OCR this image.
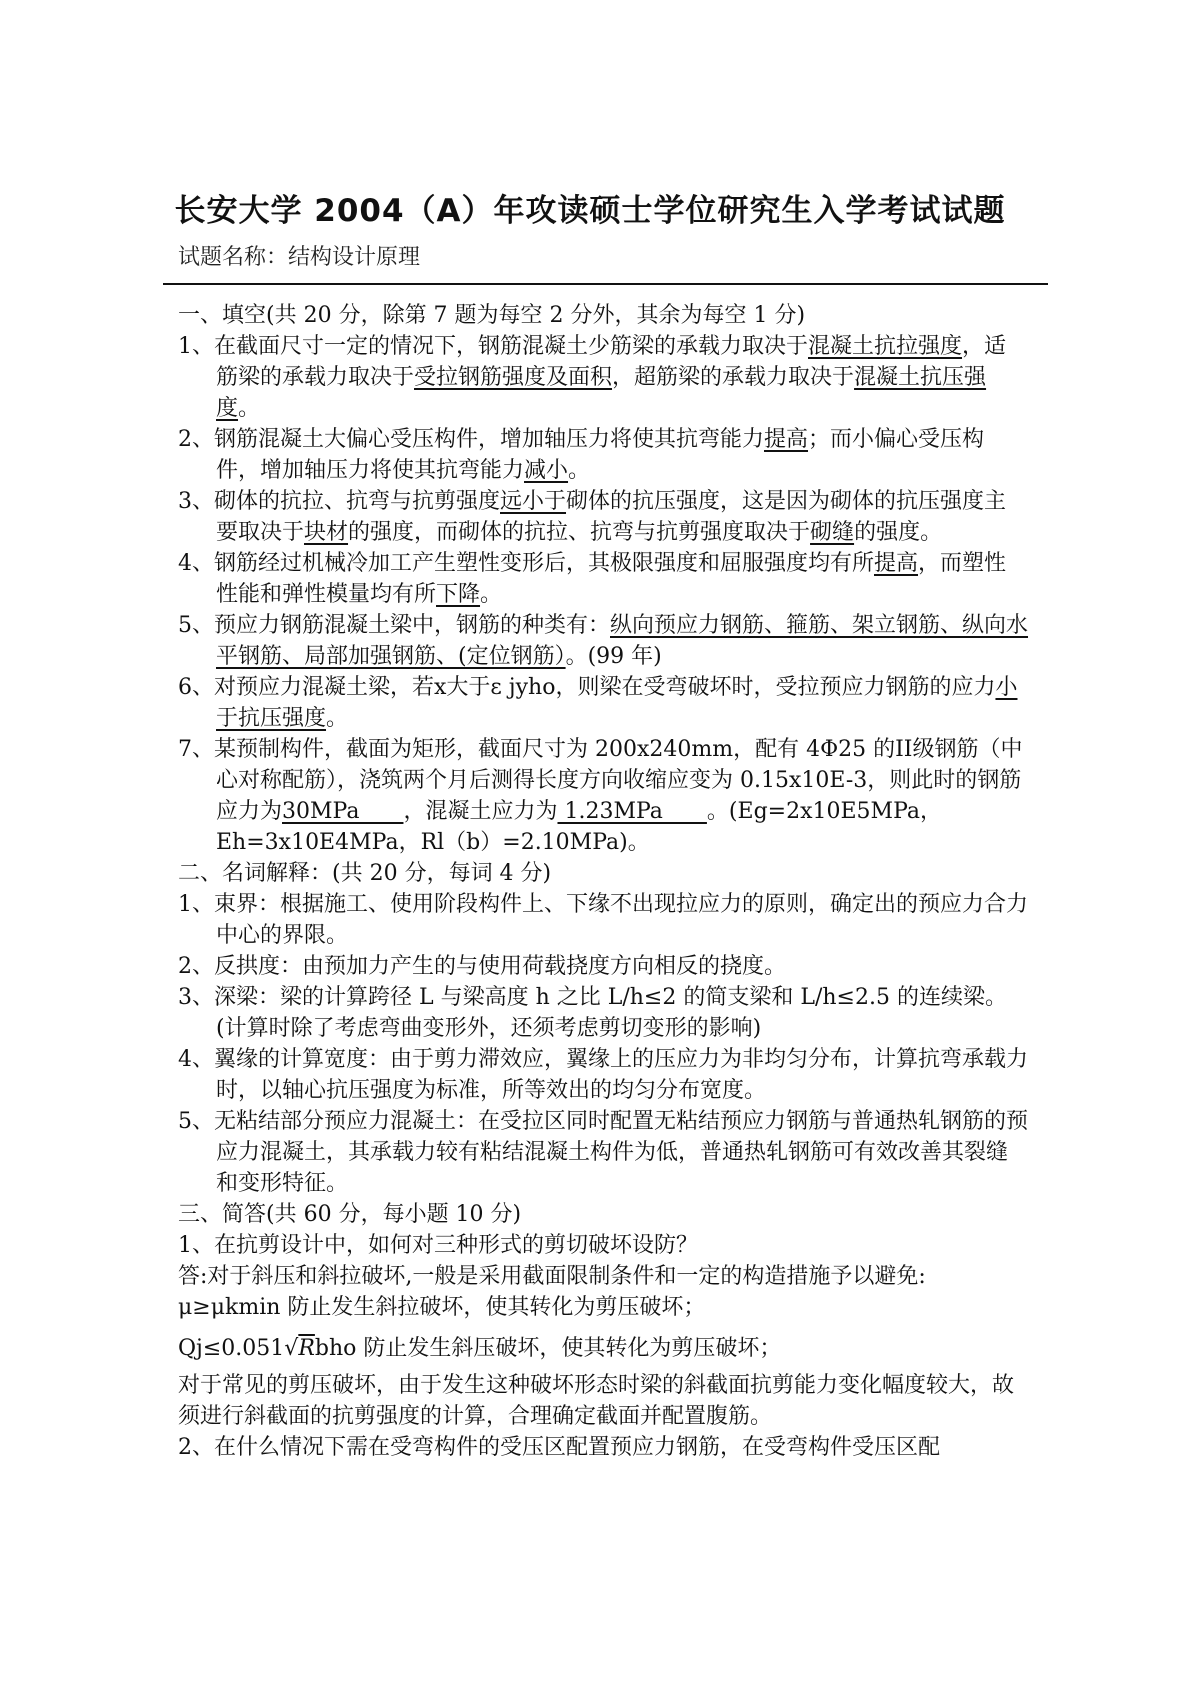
长安大学 2004（A）年攻读硕士学位研究生入学考试试题
试题名称：结构设计原理

一、填空(共 20 分，除第 7 题为每空 2 分外，其余为每空 1 分)

1、在截面尺寸一定的情况下，钢筋混凝土少筋梁的承载力取决于混凝土抗拉强度，适筋梁的承载力取决于受拉钢筋强度及面积，超筋梁的承载力取决于混凝土抗压强度。

2、钢筋混凝土大偏心受压构件，增加轴压力将使其抗弯能力提高；而小偏心受压构件，增加轴压力将使其抗弯能力减小。

3、砌体的抗拉、抗弯与抗剪强度远小于砌体的抗压强度，这是因为砌体的抗压强度主要取决于块材的强度，而砌体的抗拉、抗弯与抗剪强度取决于砌缝的强度。

4、钢筋经过机械冷加工产生塑性变形后，其极限强度和屈服强度均有所提高，而塑性性能和弹性模量均有所下降。

5、预应力钢筋混凝土梁中，钢筋的种类有：纵向预应力钢筋、箍筋、架立钢筋、纵向水平钢筋、局部加强钢筋、(定位钢筋）。(99 年)

6、对预应力混凝土梁，若x大于ε jyho，则梁在受弯破坏时，受拉预应力钢筋的应力小于抗压强度。

7、某预制构件，截面为矩形，截面尺寸为 200x240mm，配有 4Φ25 的II级钢筋（中心对称配筋），浇筑两个月后测得长度方向收缩应变为 0.15x10E-3，则此时的钢筋应力为30MPa　　，混凝土应力为 1.23MPa　　。(Eg=2x10E5MPa，Eh=3x10E4MPa，Rl（b）=2.10MPa)。

二、名词解释：(共 20 分，每词 4 分)

1、束界：根据施工、使用阶段构件上、下缘不出现拉应力的原则，确定出的预应力合力中心的界限。

2、反拱度：由预加力产生的与使用荷载挠度方向相反的挠度。

3、深梁：梁的计算跨径 L 与梁高度 h 之比 L/h≤2 的简支梁和 L/h≤2.5 的连续梁。(计算时除了考虑弯曲变形外，还须考虑剪切变形的影响)

4、翼缘的计算宽度：由于剪力滞效应，翼缘上的压应力为非均匀分布，计算抗弯承载力时，以轴心抗压强度为标准，所等效出的均匀分布宽度。

5、无粘结部分预应力混凝土：在受拉区同时配置无粘结预应力钢筋与普通热轧钢筋的预应力混凝土，其承载力较有粘结混凝土构件为低，普通热轧钢筋可有效改善其裂缝和变形特征。

三、简答(共 60 分，每小题 10 分)

1、在抗剪设计中，如何对三种形式的剪切破坏设防？

答:对于斜压和斜拉破坏,一般是采用截面限制条件和一定的构造措施予以避免:

μ≥μkmin 防止发生斜拉破坏，使其转化为剪压破坏；

Qj≤0.051√Rbho 防止发生斜压破坏，使其转化为剪压破坏；

对于常见的剪压破坏，由于发生这种破坏形态时梁的斜截面抗剪能力变化幅度较大，故须进行斜截面的抗剪强度的计算，合理确定截面并配置腹筋。

2、在什么情况下需在受弯构件的受压区配置预应力钢筋，在受弯构件受压区配
